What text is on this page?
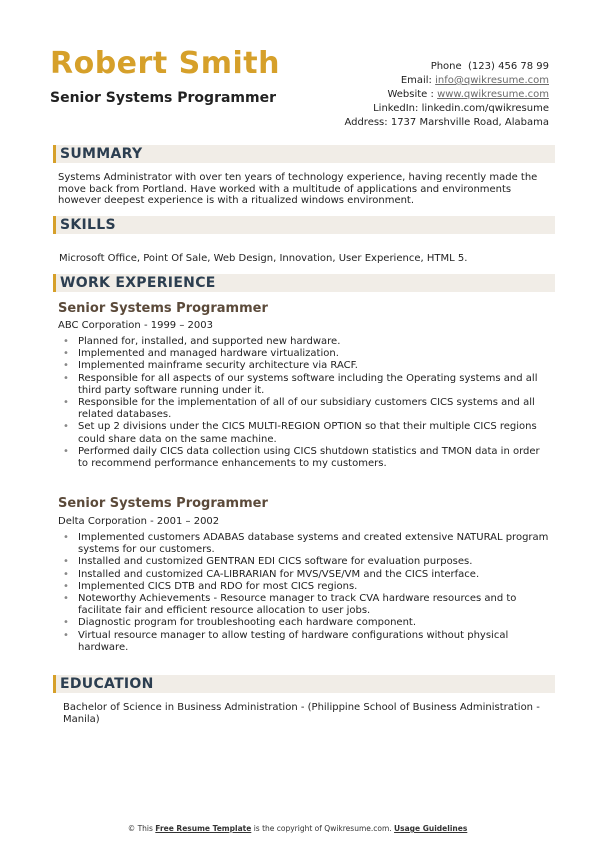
Robert Smith
Senior Systems Programmer
Phone (123) 456 78 99
Email: info@qwikresume.com
Website : www.qwikresume.com
LinkedIn: linkedin.com/qwikresume
Address: 1737 Marshville Road, Alabama
SUMMARY
Systems Administrator with over ten years of technology experience, having recently made the move back from Portland. Have worked with a multitude of applications and environments however deepest experience is with a ritualized windows environment.
SKILLS
Microsoft Office, Point Of Sale, Web Design, Innovation, User Experience, HTML 5.
WORK EXPERIENCE
Senior Systems Programmer
ABC Corporation - 1999 – 2003
• Planned for, installed, and supported new hardware.
• Implemented and managed hardware virtualization.
• Implemented mainframe security architecture via RACF.
• Responsible for all aspects of our systems software including the Operating systems and all third party software running under it.
• Responsible for the implementation of all of our subsidiary customers CICS systems and all related databases.
• Set up 2 divisions under the CICS MULTI-REGION OPTION so that their multiple CICS regions could share data on the same machine.
• Performed daily CICS data collection using CICS shutdown statistics and TMON data in order to recommend performance enhancements to my customers.
Senior Systems Programmer
Delta Corporation - 2001 – 2002
• Implemented customers ADABAS database systems and created extensive NATURAL program systems for our customers.
• Installed and customized GENTRAN EDI CICS software for evaluation purposes.
• Installed and customized CA-LIBRARIAN for MVS/VSE/VM and the CICS interface.
• Implemented CICS DTB and RDO for most CICS regions.
• Noteworthy Achievements - Resource manager to track CVA hardware resources and to facilitate fair and efficient resource allocation to user jobs.
• Diagnostic program for troubleshooting each hardware component.
• Virtual resource manager to allow testing of hardware configurations without physical hardware.
EDUCATION
Bachelor of Science in Business Administration - (Philippine School of Business Administration - Manila)
© This Free Resume Template is the copyright of Qwikresume.com. Usage Guidelines
